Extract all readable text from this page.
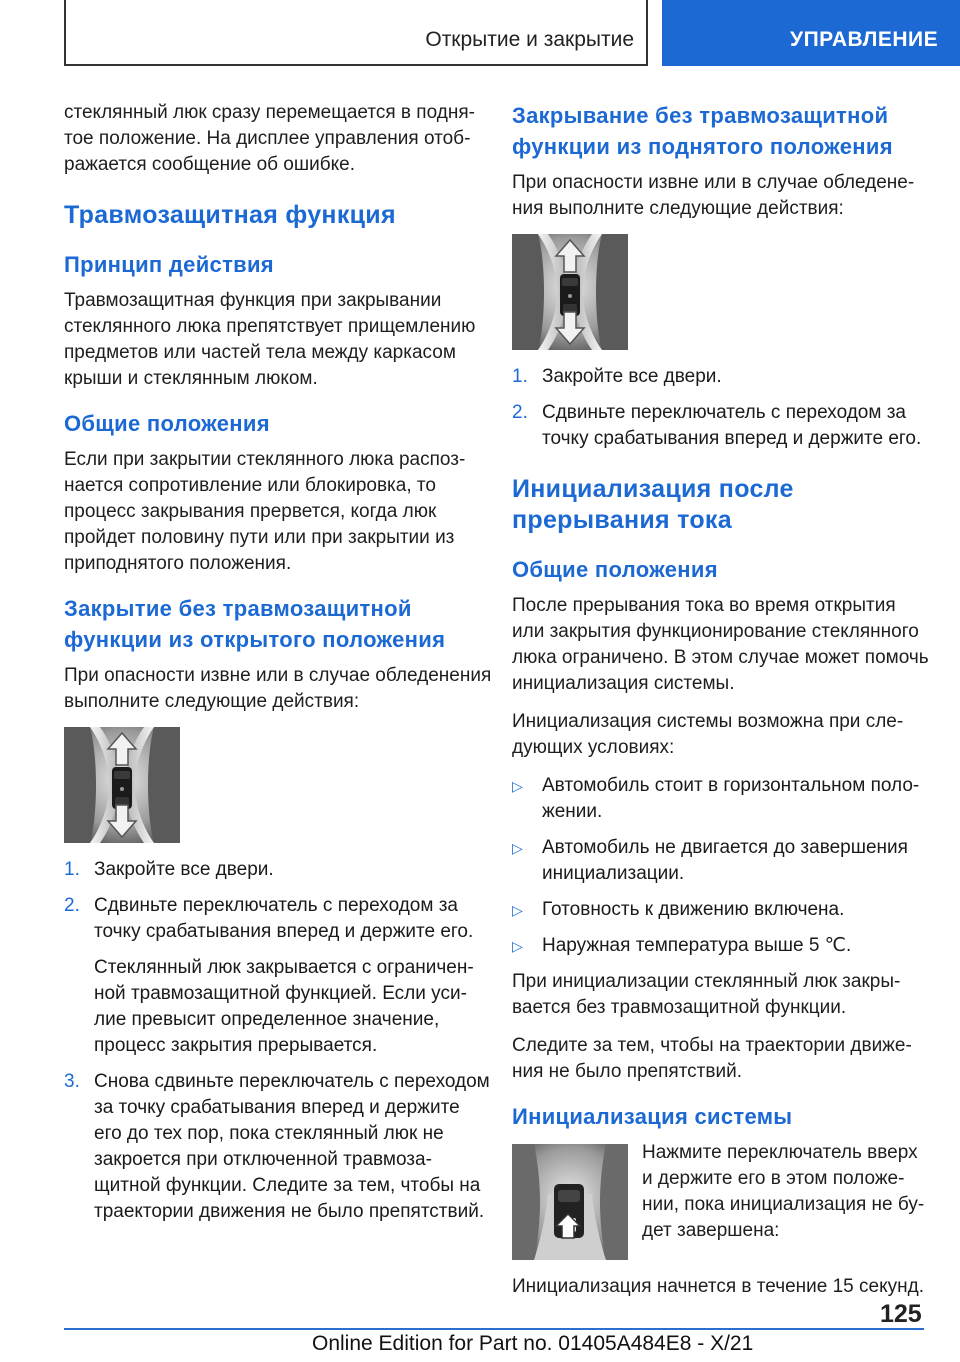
Открытие и закрытие	УПРАВЛЕНИЕ

стеклянный люк сразу перемещается в поднятое положение. На дисплее управления отображается сообщение об ошибке.

Травмозащитная функция
Принцип действия

Травмозащитная функция при закрывании стеклянного люка препятствует прищемлению предметов или частей тела между каркасом крыши и стеклянным люком.

Общие положения

Если при закрытии стеклянного люка распознается сопротивление или блокировка, то процесс закрывания прервется, когда люк пройдет половину пути или при закрытии из приподнятого положения.

Закрытие без травмозащитной функции из открытого положения

При опасности извне или в случае обледенения выполните следующие действия:

1. Закройте все двери.
2. Сдвиньте переключатель с переходом за точку срабатывания вперед и держите его.
Стеклянный люк закрывается с ограниченной травмозащитной функцией. Если усилие превысит определенное значение, процесс закрытия прерывается.
3. Снова сдвиньте переключатель с переходом за точку срабатывания вперед и держите его до тех пор, пока стеклянный люк не закроется при отключенной травмозащитной функции. Следите за тем, чтобы на траектории движения не было препятствий.
Закрывание без травмозащитной функции из поднятого положения

При опасности извне или в случае обледенения выполните следующие действия:

1. Закройте все двери.
2. Сдвиньте переключатель с переходом за точку срабатывания вперед и держите его.
Инициализация после прерывания тока
Общие положения

После прерывания тока во время открытия или закрытия функционирование стеклянного люка ограничено. В этом случае может помочь инициализация системы.

Инициализация системы возможна при следующих условиях:

▷ Автомобиль стоит в горизонтальном положении.
▷ Автомобиль не двигается до завершения инициализации.
▷ Готовность к движению включена.
▷ Наружная температура выше 5 ℃.

При инициализации стеклянный люк закрывается без травмозащитной функции.

Следите за тем, чтобы на траектории движения не было препятствий.

Инициализация системы

Нажмите переключатель вверх и держите его в этом положении, пока инициализация не будет завершена:

Инициализация начнется в течение 15 секунд.

125
Online Edition for Part no. 01405A484E8 - X/21
